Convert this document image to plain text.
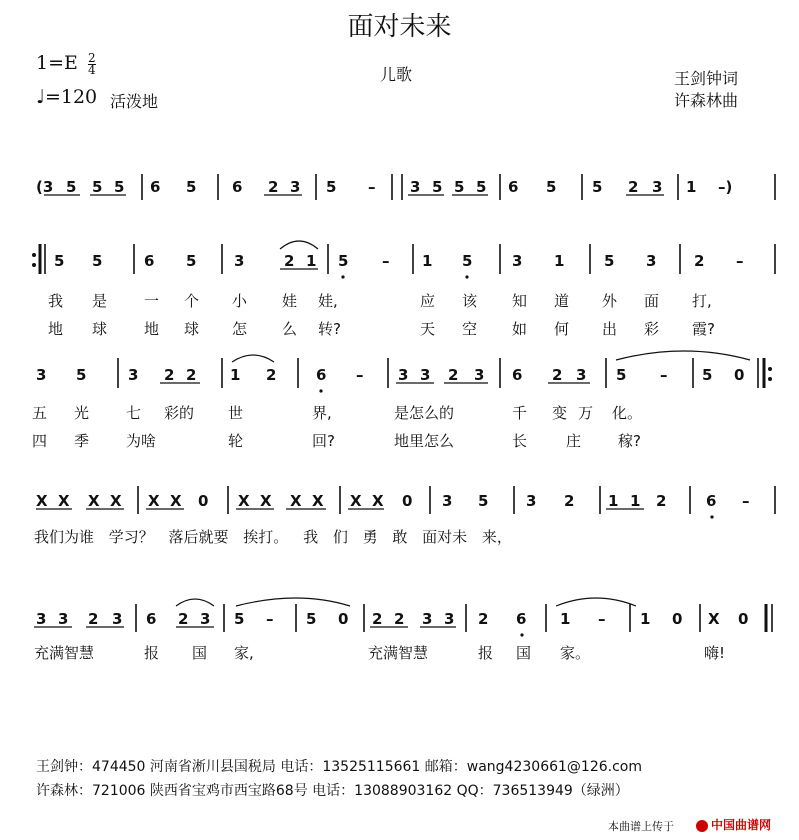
面对未来
$1=E \frac{2}{4}$
♩=120 活泼地
儿歌	王剑钟词
许森林曲
(3 5 5 5 6 5 6 2 3 5 – 3 5 5 5 6 5 5 2 3 1 –)
5 5	6 5	3	2 1 5 – 1 5	3 1	5 3	2 –
3 5	3 2 2 1 2	6 – 3 3 2 3 6 2 3 5 – 5 0
X X X X X X 0 X X X X X X 0 3 5	3 2 1 1 2	6 –
3 3 2 3 6 2 3 5 – 5 0 2 2 3 3 2 6 1 – 1 0 X 0
我 是 一 个 小 娃 娃,	应 该 知 道 外 面 打,
地 球 地 球 怎 么 转?	天 空 如 何 出 彩 霞?
五 光 七 彩的 世	界,	是怎么的	千 变 万 化。
四 季 为啥	轮	回?	地里怎么	长	庄 稼?
我们为谁 学习？ 落后就要 挨打。 我 们 勇 敢 面对未 来，
充满智慧	报 国 家,	充满智慧	报 国 家。	嗨!
王剑钟：474450 河南省淅川县国税局 电话：13525115661 邮箱：wang4230661@126.com
许森林：721006 陕西省宝鸡市西宝路68号 电话：13088903162 QQ：736513949（绿洲）
本曲谱上传于	中国曲谱网
